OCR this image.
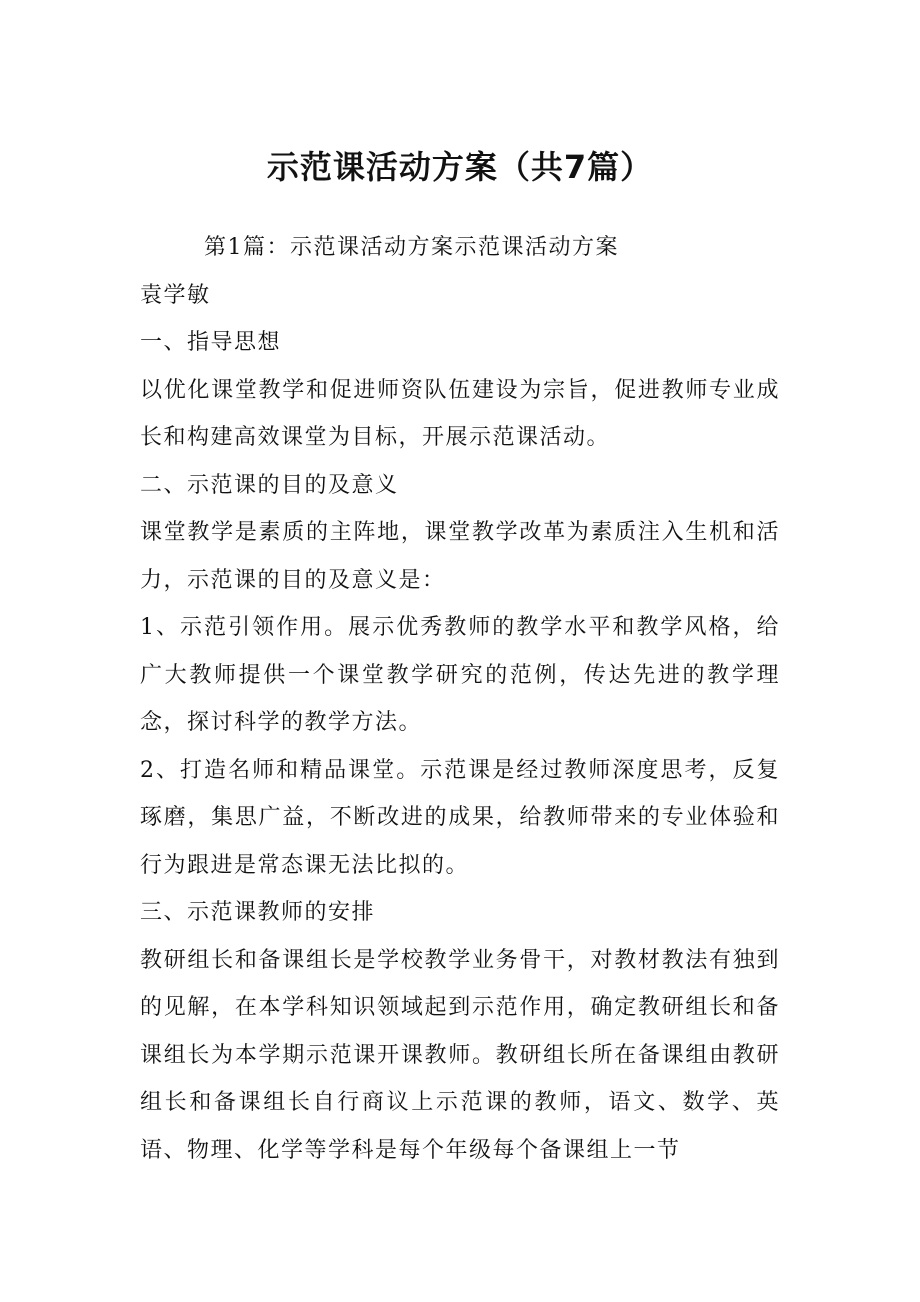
示范课活动方案（共7篇）

第1篇：示范课活动方案示范课活动方案

袁学敏

一、指导思想

以优化课堂教学和促进师资队伍建设为宗旨，促进教师专业成长和构建高效课堂为目标，开展示范课活动。

二、示范课的目的及意义

课堂教学是素质的主阵地，课堂教学改革为素质注入生机和活力，示范课的目的及意义是：

1、示范引领作用。展示优秀教师的教学水平和教学风格，给广大教师提供一个课堂教学研究的范例，传达先进的教学理念，探讨科学的教学方法。

2、打造名师和精品课堂。示范课是经过教师深度思考，反复琢磨，集思广益，不断改进的成果，给教师带来的专业体验和行为跟进是常态课无法比拟的。

三、示范课教师的安排

教研组长和备课组长是学校教学业务骨干，对教材教法有独到的见解，在本学科知识领域起到示范作用，确定教研组长和备课组长为本学期示范课开课教师。教研组长所在备课组由教研组长和备课组长自行商议上示范课的教师，语文、数学、英语、物理、化学等学科是每个年级每个备课组上一节
